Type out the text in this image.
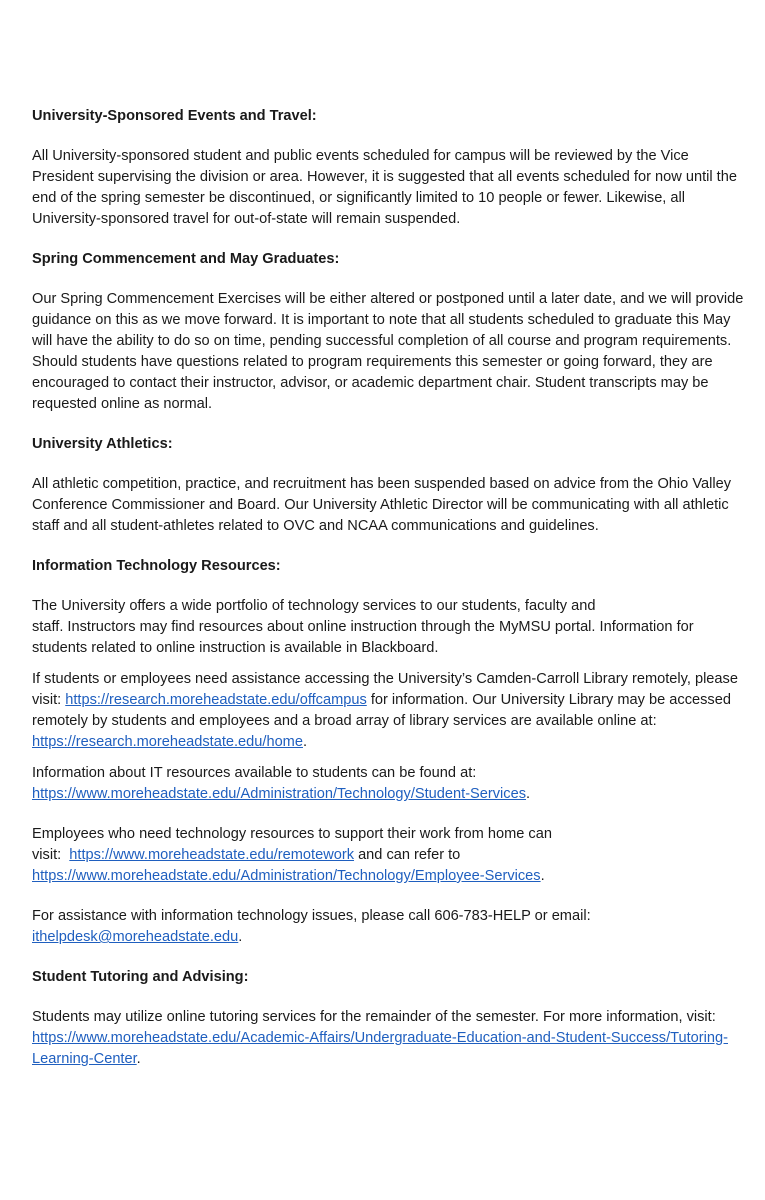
University-Sponsored Events and Travel:

All University-sponsored student and public events scheduled for campus will be reviewed by the Vice President supervising the division or area. However, it is suggested that all events scheduled for now until the end of the spring semester be discontinued, or significantly limited to 10 people or fewer. Likewise, all University-sponsored travel for out-of-state will remain suspended.

Spring Commencement and May Graduates:

Our Spring Commencement Exercises will be either altered or postponed until a later date, and we will provide guidance on this as we move forward. It is important to note that all students scheduled to graduate this May will have the ability to do so on time, pending successful completion of all course and program requirements. Should students have questions related to program requirements this semester or going forward, they are encouraged to contact their instructor, advisor, or academic department chair. Student transcripts may be requested online as normal.

University Athletics:

All athletic competition, practice, and recruitment has been suspended based on advice from the Ohio Valley Conference Commissioner and Board. Our University Athletic Director will be communicating with all athletic staff and all student-athletes related to OVC and NCAA communications and guidelines.

Information Technology Resources:

The University offers a wide portfolio of technology services to our students, faculty and
staff. Instructors may find resources about online instruction through the MyMSU portal. Information for students related to online instruction is available in Blackboard.

If students or employees need assistance accessing the University’s Camden-Carroll Library remotely, please visit: https://research.moreheadstate.edu/offcampus for information. Our University Library may be accessed remotely by students and employees and a broad array of library services are available online at: https://research.moreheadstate.edu/home.

Information about IT resources available to students can be found at:
https://www.moreheadstate.edu/Administration/Technology/Student-Services.

Employees who need technology resources to support their work from home can
visit:  https://www.moreheadstate.edu/remotework and can refer to
https://www.moreheadstate.edu/Administration/Technology/Employee-Services.

For assistance with information technology issues, please call 606-783-HELP or email:
ithelpdesk@moreheadstate.edu.

Student Tutoring and Advising:

Students may utilize online tutoring services for the remainder of the semester. For more information, visit: https://www.moreheadstate.edu/Academic-Affairs/Undergraduate-Education-and-Student-Success/Tutoring-Learning-Center.
